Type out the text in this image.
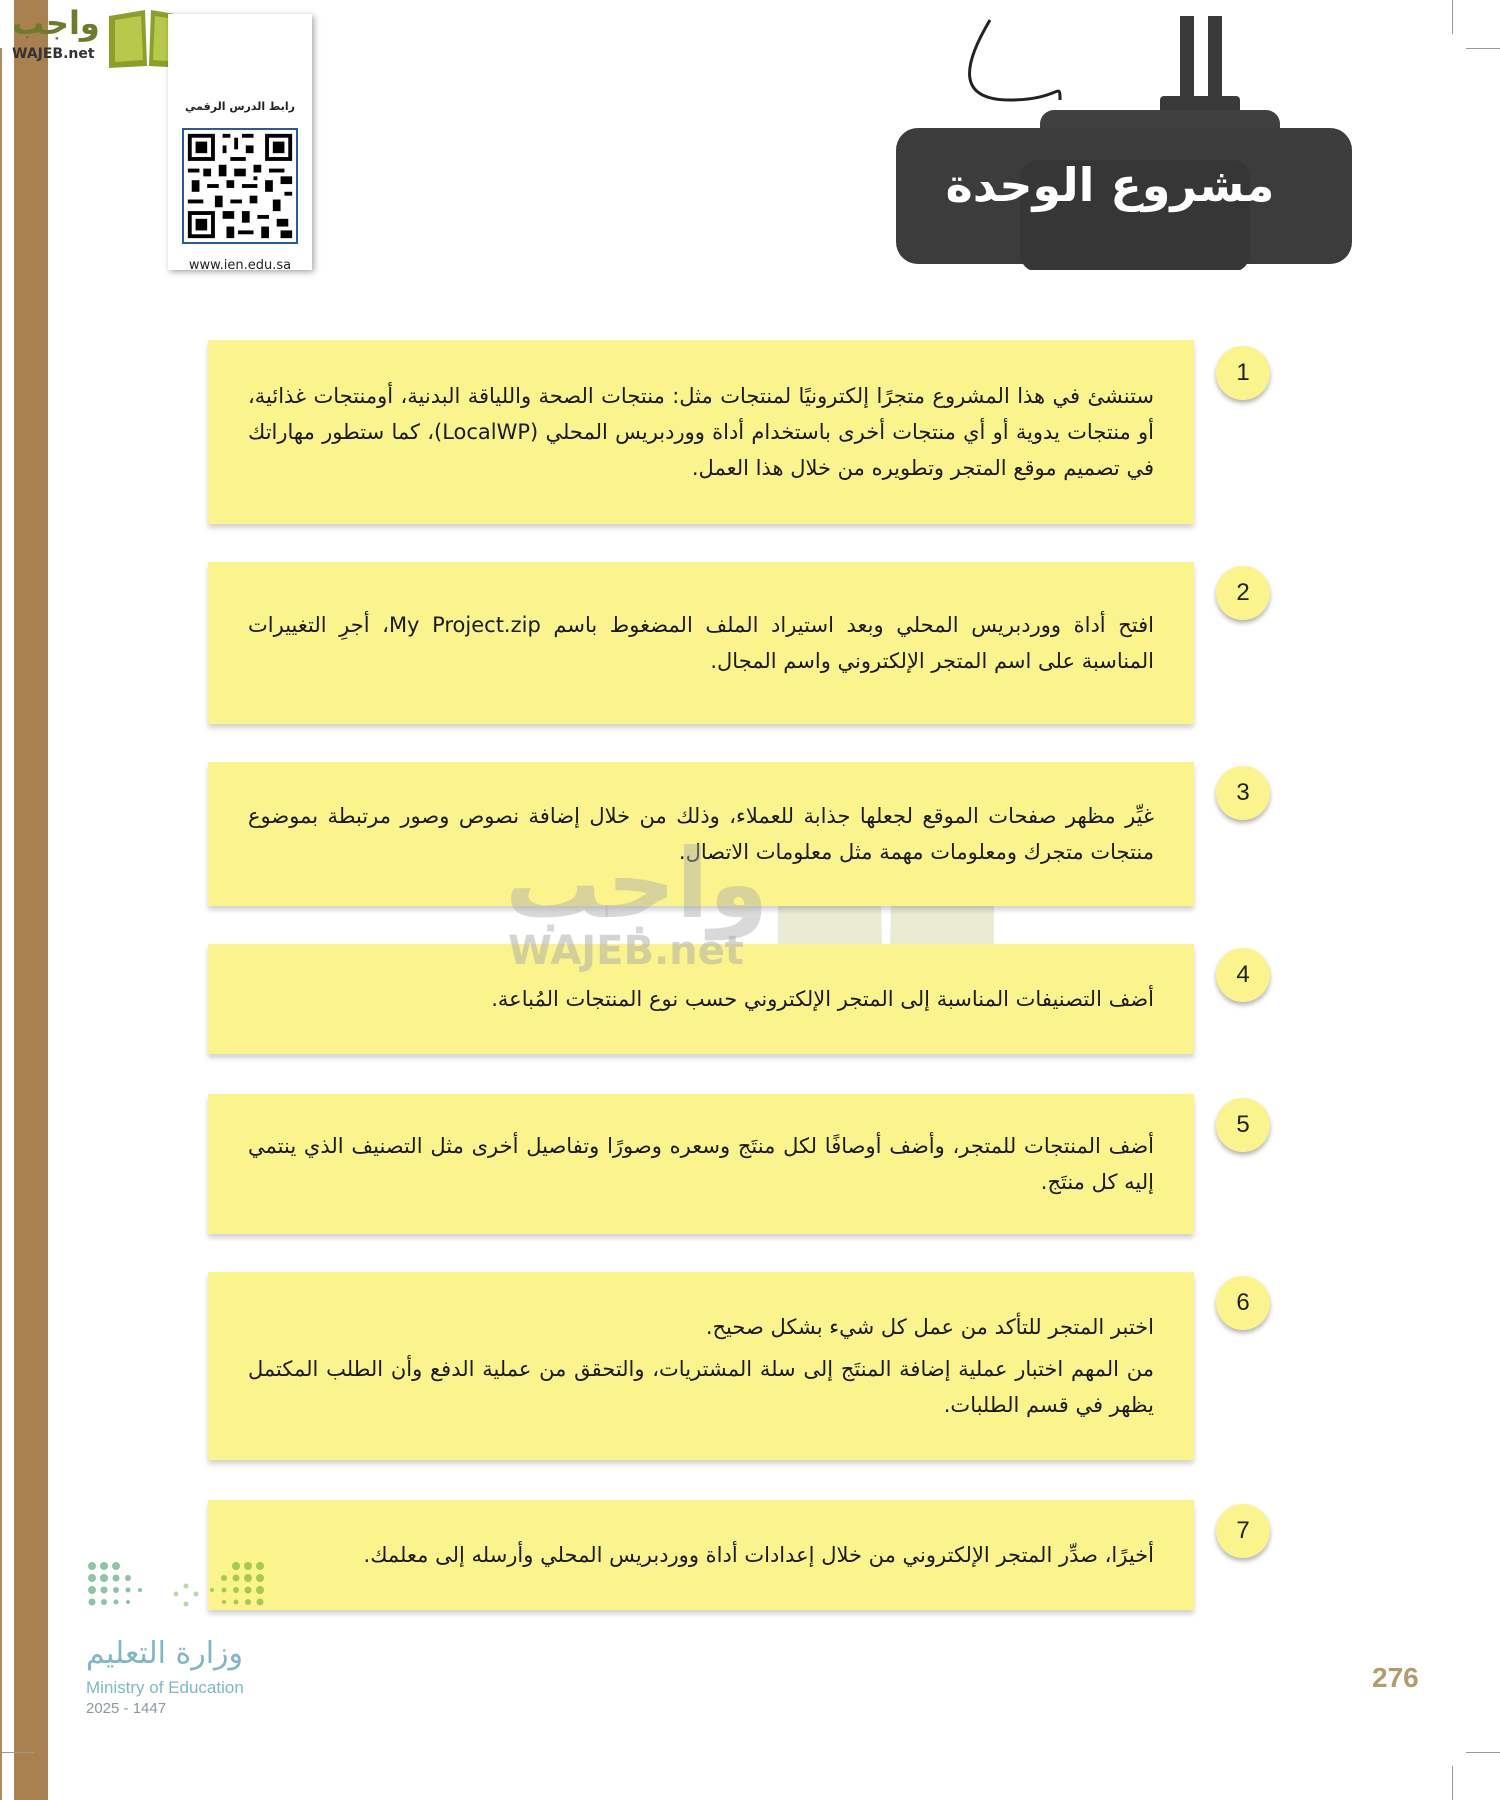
واجب
WAJEB.net
رابط الدرس الرقمي
www.ien.edu.sa
مشروع الوحدة

ستنشئ في هذا المشروع متجرًا إلكترونيًا لمنتجات مثل: منتجات الصحة واللياقة البدنية، أومنتجات غذائية، أو منتجات يدوية أو أي منتجات أخرى باستخدام أداة ووردبريس المحلي (LocalWP)، كما ستطور مهاراتك في تصميم موقع المتجر وتطويره من خلال هذا العمل.

1

افتح أداة ووردبريس المحلي وبعد استيراد الملف المضغوط باسم My Project.zip، أجرِ التغييرات المناسبة على اسم المتجر الإلكتروني واسم المجال.

2

غيِّر مظهر صفحات الموقع لجعلها جذابة للعملاء، وذلك من خلال إضافة نصوص وصور مرتبطة بموضوع منتجات متجرك ومعلومات مهمة مثل معلومات الاتصال.

3

أضف التصنيفات المناسبة إلى المتجر الإلكتروني حسب نوع المنتجات المُباعة.

4

أضف المنتجات للمتجر، وأضف أوصافًا لكل منتَج وسعره وصورًا وتفاصيل أخرى مثل التصنيف الذي ينتمي إليه كل منتَج.

5

اختبر المتجر للتأكد من عمل كل شيء بشكل صحيح.

من المهم اختبار عملية إضافة المنتَج إلى سلة المشتريات، والتحقق من عملية الدفع وأن الطلب المكتمل يظهر في قسم الطلبات.

6

أخيرًا، صدِّر المتجر الإلكتروني من خلال إعدادات أداة ووردبريس المحلي وأرسله إلى معلمك.

7
واجب
WAJEB.net
وزارة التعليم
Ministry of Education
2025 - 1447
276
